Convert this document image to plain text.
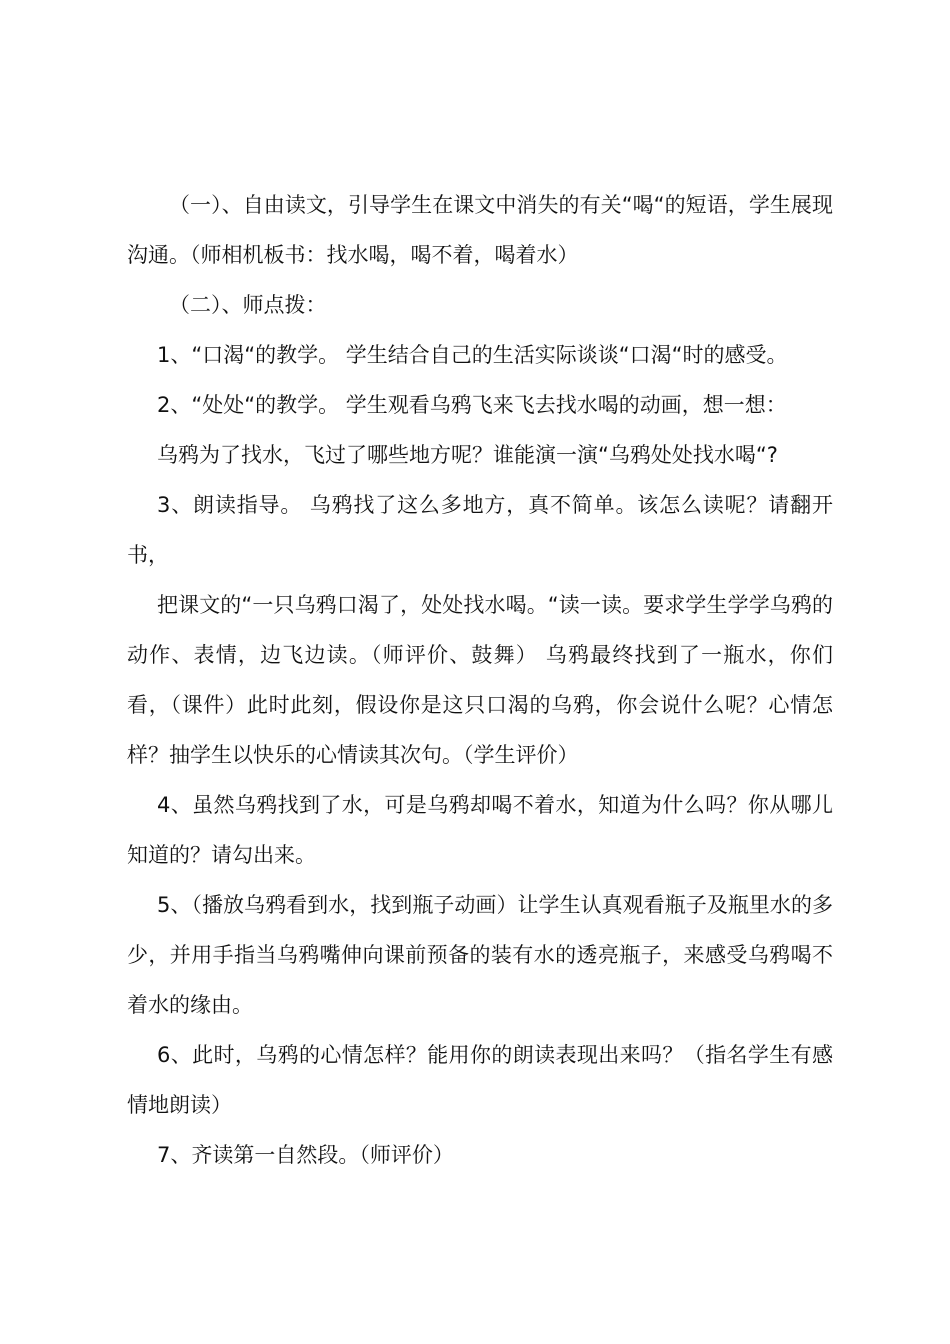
（一）、自由读文，引导学生在课文中消失的有关“喝“的短语，学生展现沟通。（师相机板书：找水喝，喝不着，喝着水）

（二）、师点拨：

1、“口渴“的教学。 学生结合自己的生活实际谈谈“口渴“时的感受。

2、“处处“的教学。 学生观看乌鸦飞来飞去找水喝的动画，想一想：

乌鸦为了找水，飞过了哪些地方呢？谁能演一演“乌鸦处处找水喝“?

3、朗读指导。 乌鸦找了这么多地方，真不简单。该怎么读呢？请翻开书，

把课文的“一只乌鸦口渴了，处处找水喝。“读一读。要求学生学学乌鸦的动作、表情，边飞边读。（师评价、鼓舞） 乌鸦最终找到了一瓶水，你们看，（课件）此时此刻，假设你是这只口渴的乌鸦，你会说什么呢？心情怎样？抽学生以快乐的心情读其次句。（学生评价）

4、虽然乌鸦找到了水，可是乌鸦却喝不着水，知道为什么吗？你从哪儿知道的？请勾出来。

5、（播放乌鸦看到水，找到瓶子动画）让学生认真观看瓶子及瓶里水的多少，并用手指当乌鸦嘴伸向课前预备的装有水的透亮瓶子，来感受乌鸦喝不着水的缘由。

6、此时，乌鸦的心情怎样？能用你的朗读表现出来吗？（指名学生有感情地朗读）

7、齐读第一自然段。（师评价）
